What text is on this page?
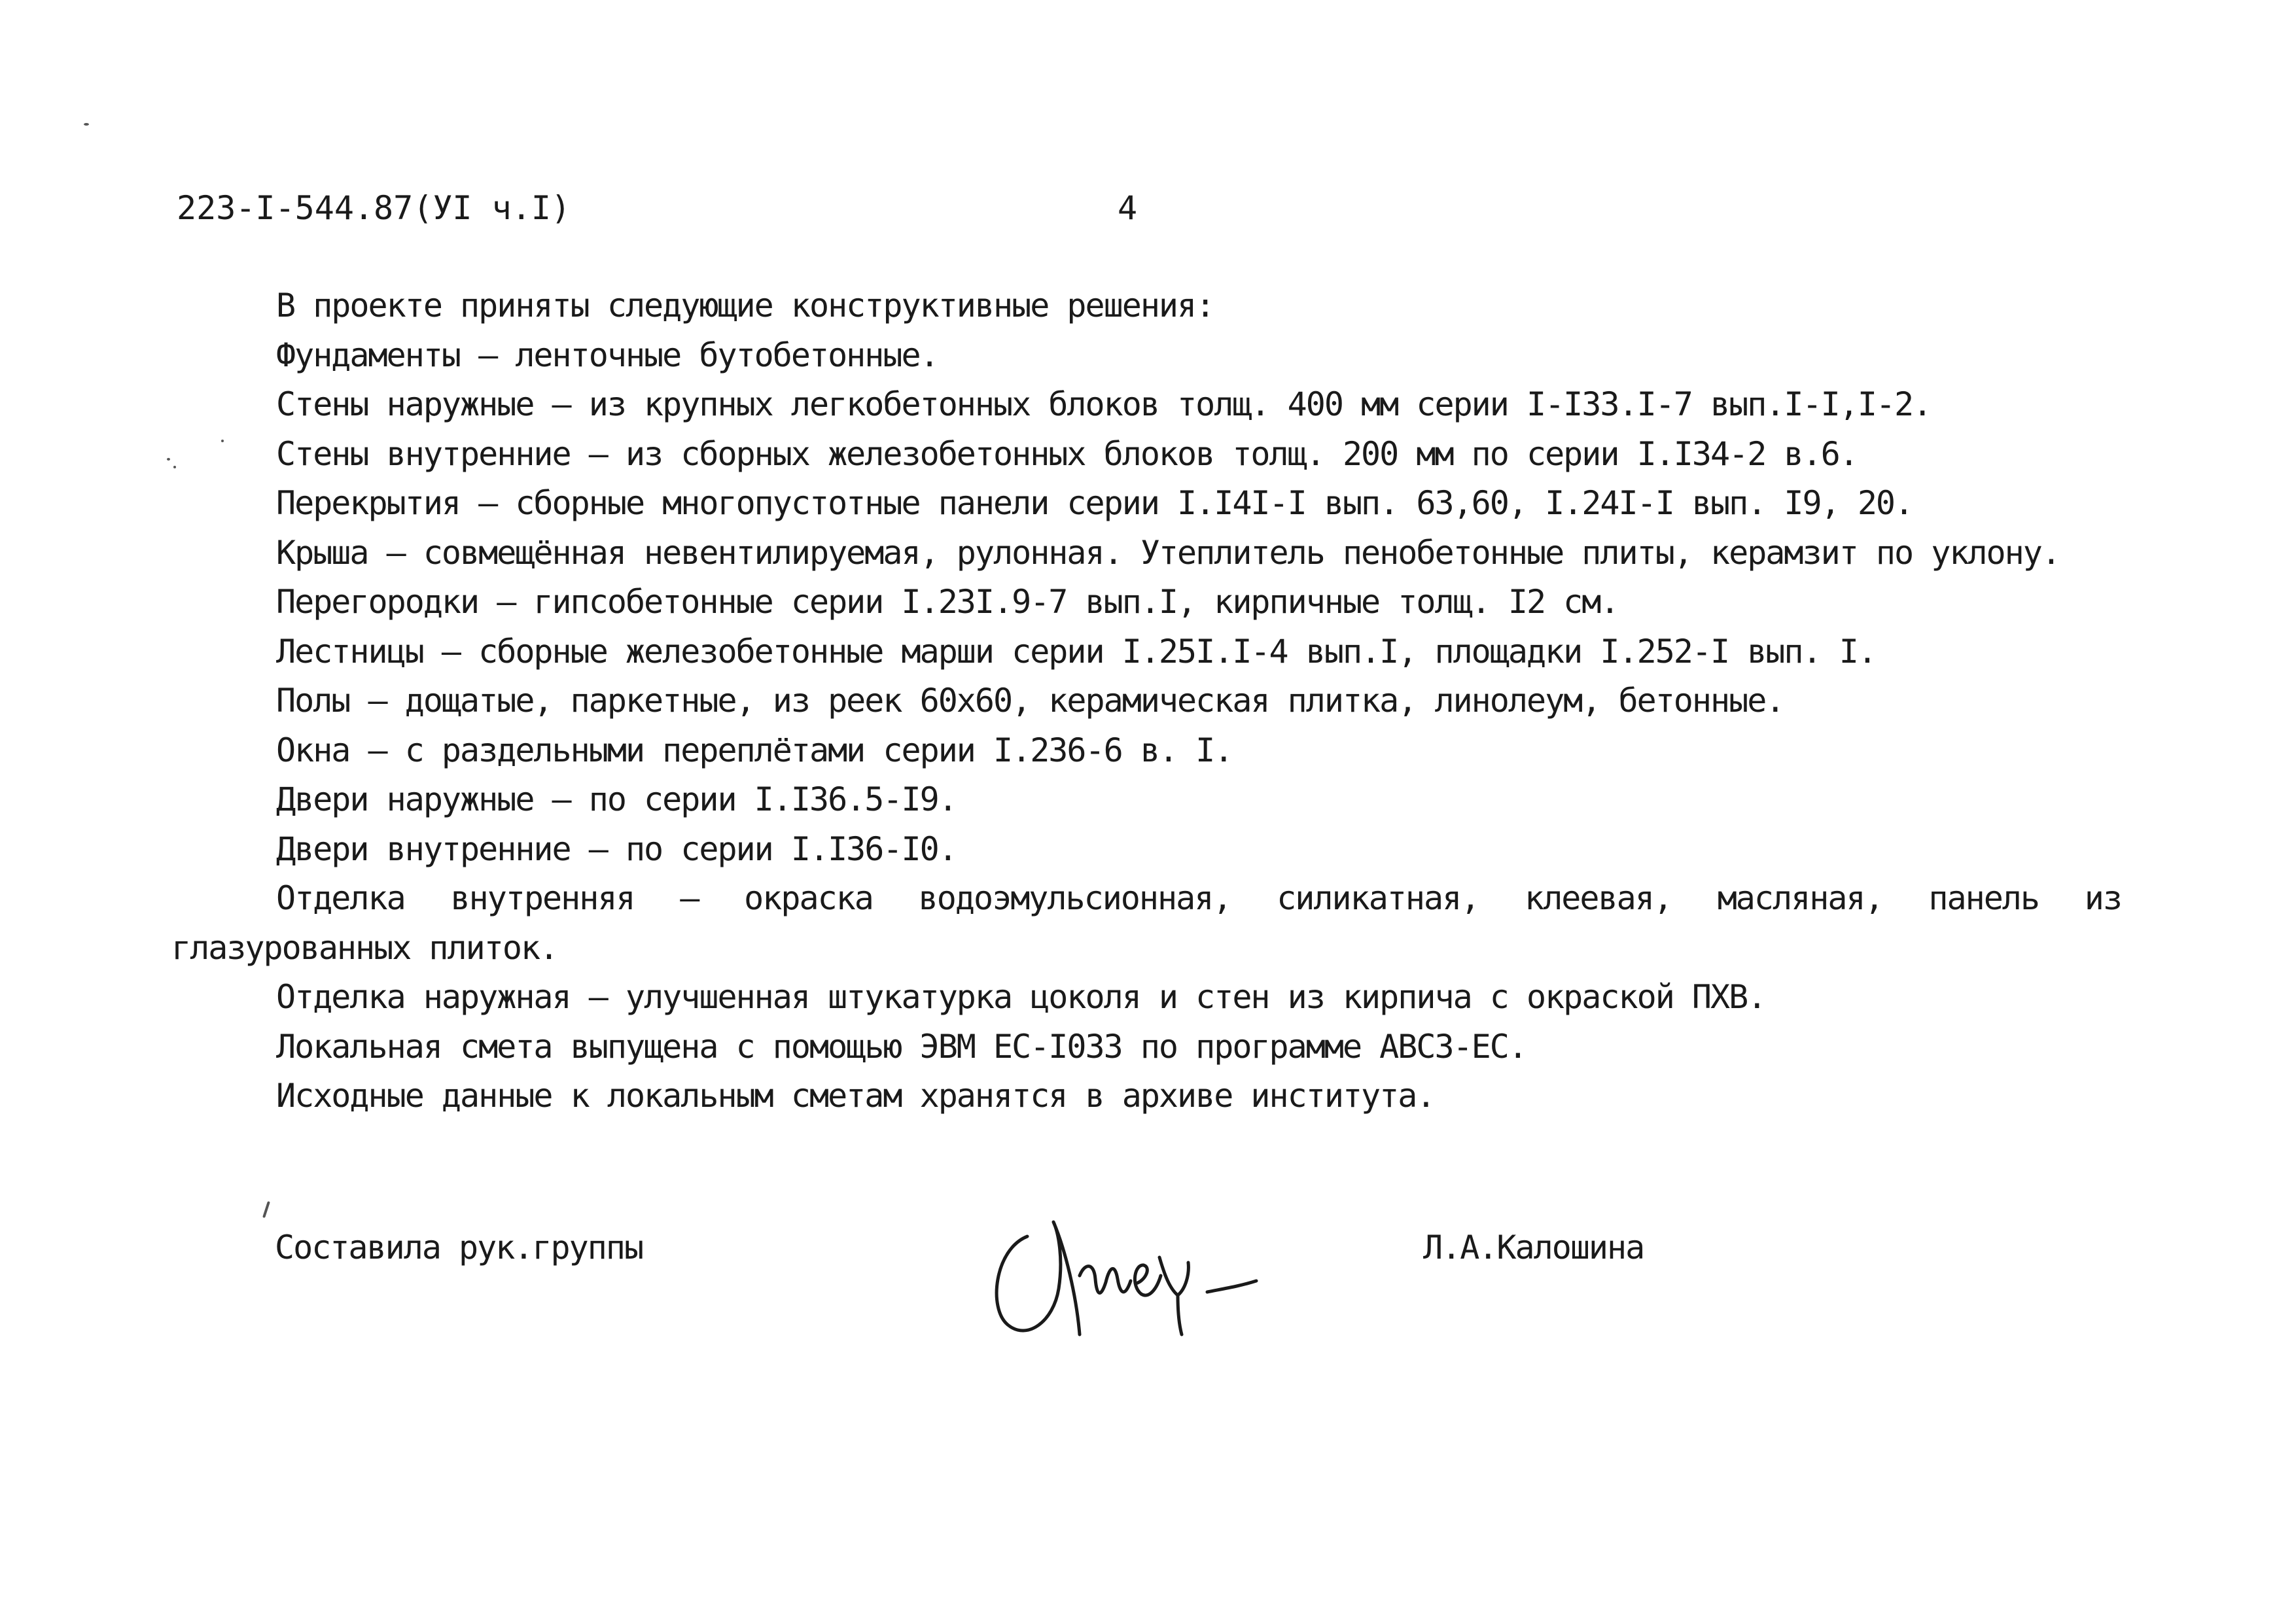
223-I-544.87(УI ч.I)	4
В проекте приняты следующие конструктивные решения:
Фундаменты – ленточные бутобетонные.
Стены наружные – из крупных легкобетонных блоков толщ. 400 мм серии I-I33.I-7 вып.I-I,I-2.
Стены внутренние – из сборных железобетонных блоков толщ. 200 мм по серии I.I34-2 в.6.
Перекрытия – сборные многопустотные панели серии I.I4I-I вып. 63,60, I.24I-I вып. I9, 20.
Крыша – совмещённая невентилируемая, рулонная. Утеплитель пенобетонные плиты, керамзит по уклону.
Перегородки – гипсобетонные серии I.23I.9-7 вып.I, кирпичные толщ. I2 см.
Лестницы – сборные железобетонные марши серии I.25I.I-4 вып.I, площадки I.252-I вып. I.
Полы – дощатые, паркетные, из реек 60х60, керамическая плитка, линолеум, бетонные.
Окна – с раздельными переплётами серии I.236-6 в. I.
Двери наружные – по серии I.I36.5-I9.
Двери внутренние – по серии I.I36-I0.
Отделка внутренняя – окраска водоэмульсионная, силикатная, клеевая, масляная, панель из глазурованных плиток.
Отделка наружная – улучшенная штукатурка цоколя и стен из кирпича с окраской ПХВ.
Локальная смета выпущена с помощью ЭВМ ЕС-I033 по программе АВС3-ЕС.
Исходные данные к локальным сметам хранятся в архиве института.
Составила рук.группы	Л.А.Калошина
